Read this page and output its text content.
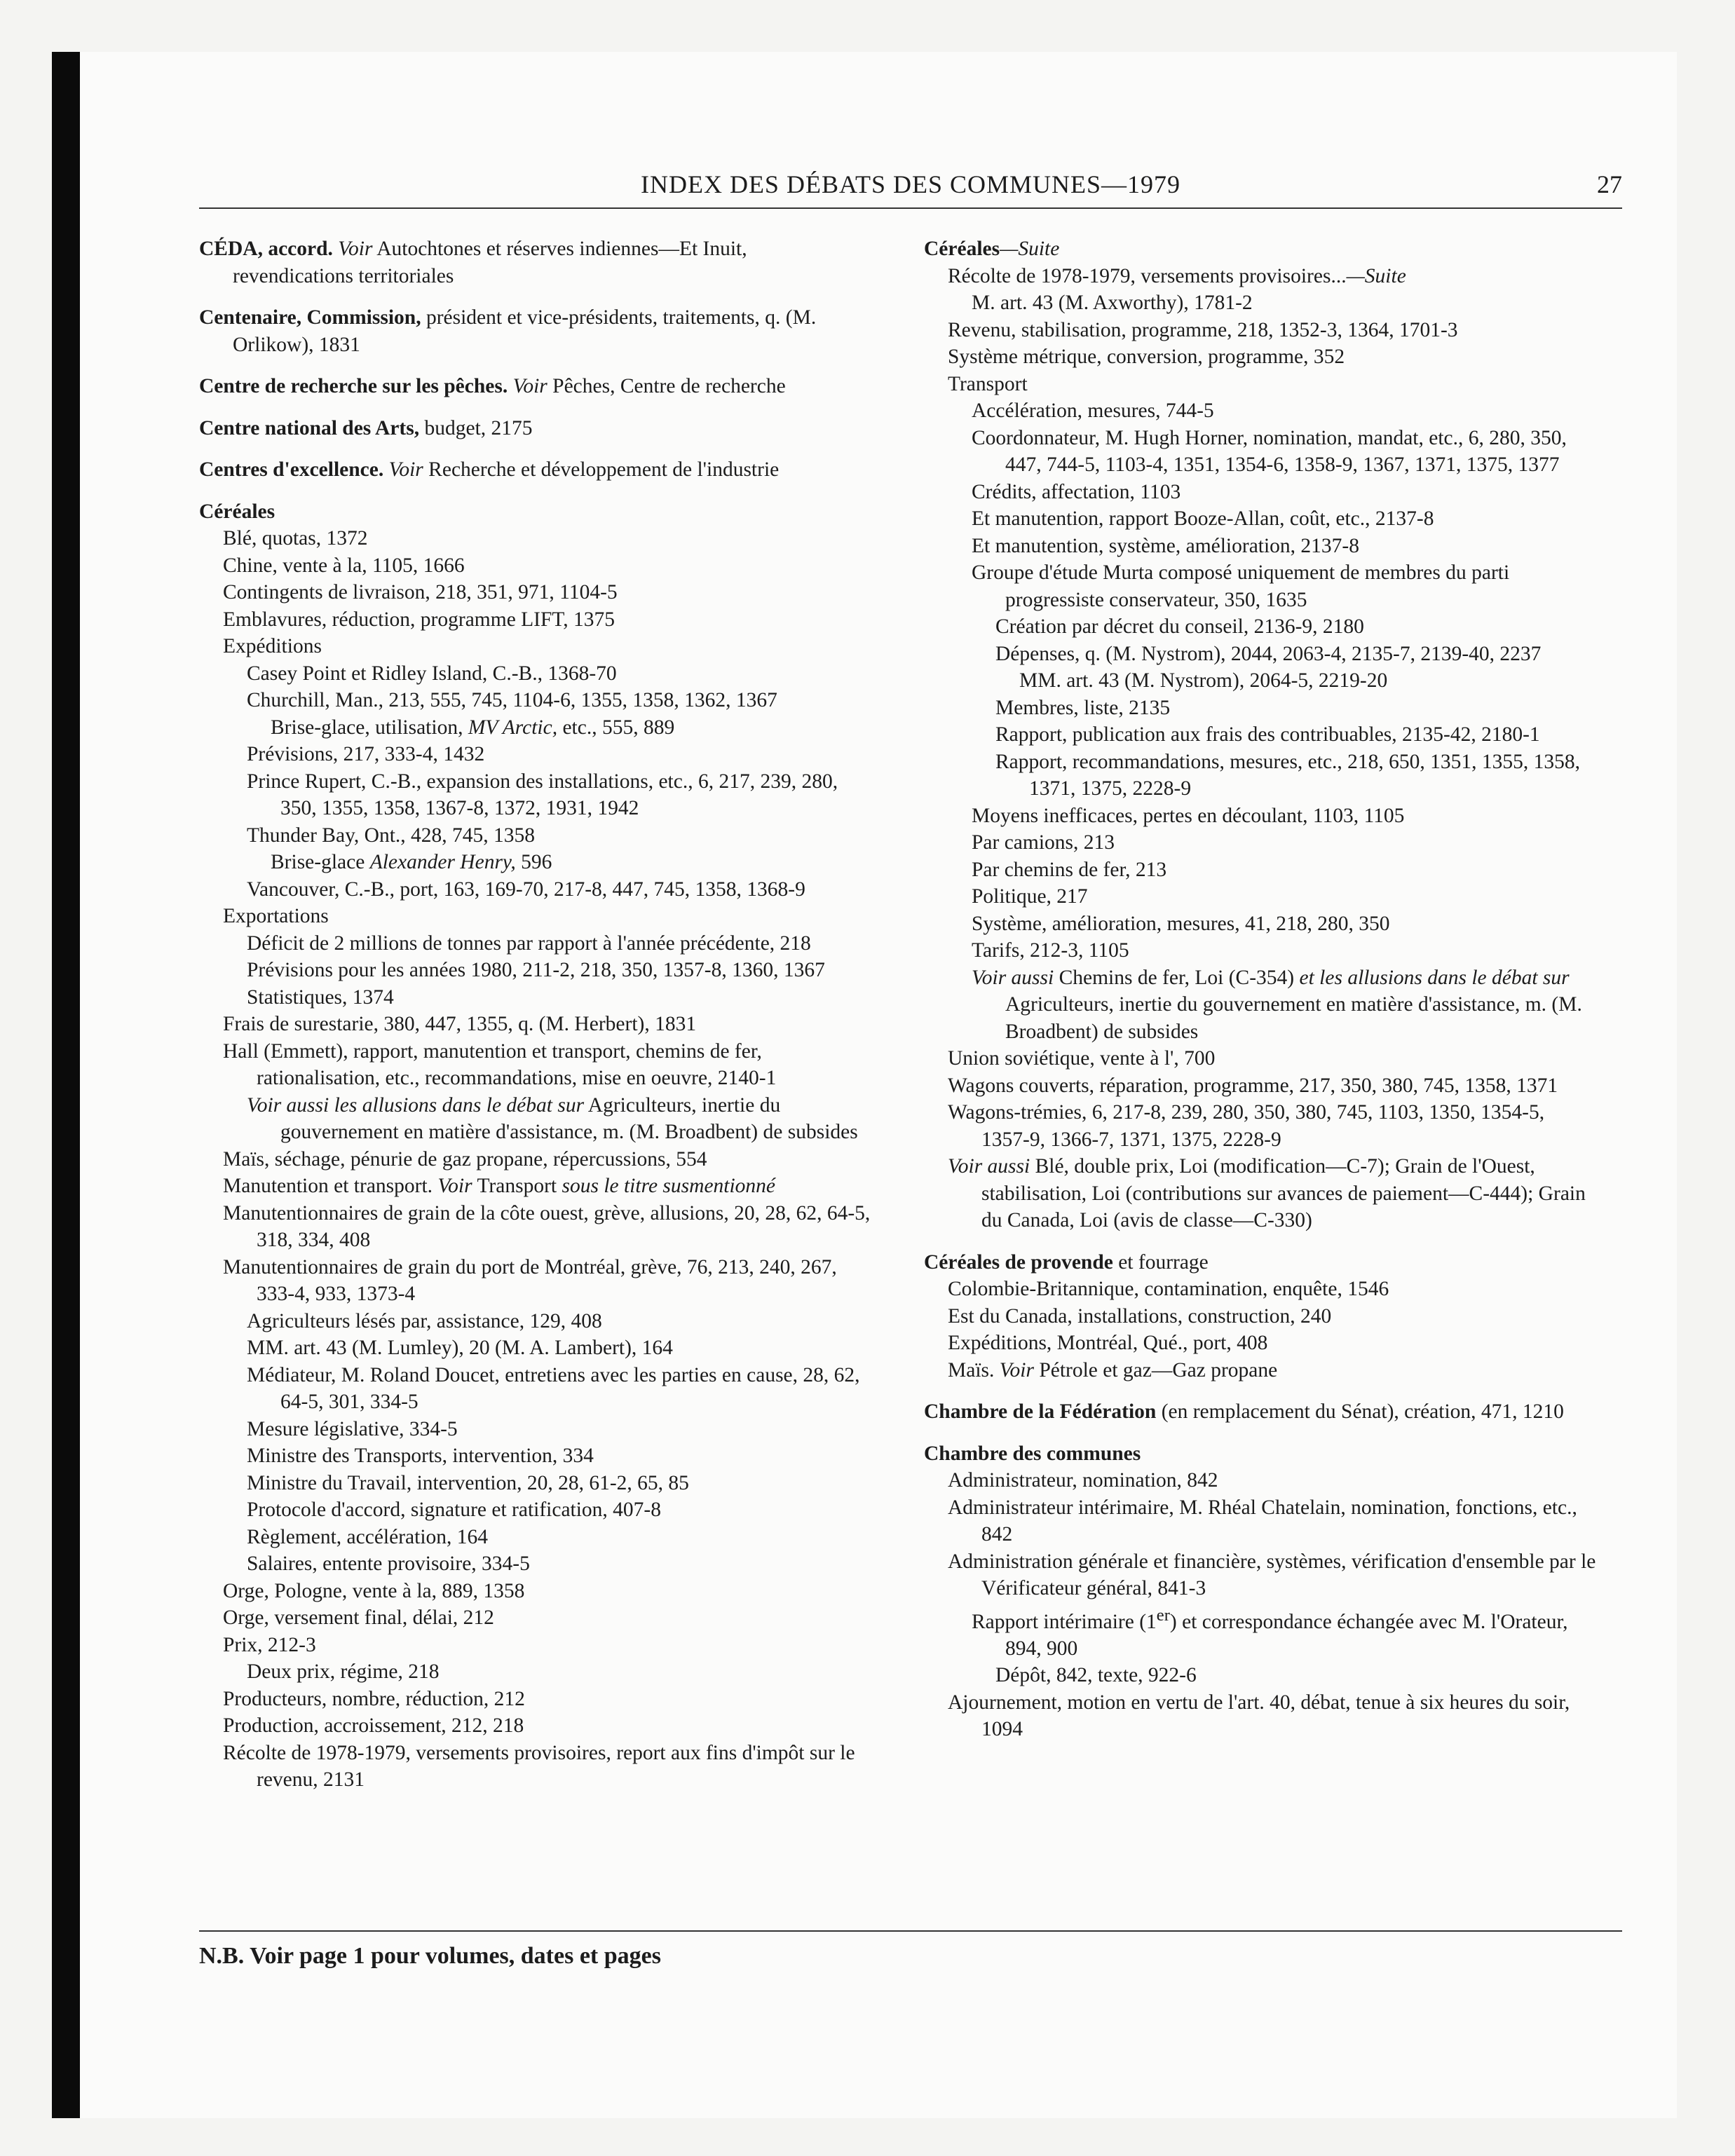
INDEX DES DÉBATS DES COMMUNES—1979	27
CÉDA, accord. Voir Autochtones et réserves indiennes—Et Inuit, revendications territoriales
Centenaire, Commission, président et vice-présidents, traitements, q. (M. Orlikow), 1831
Centre de recherche sur les pêches. Voir Pêches, Centre de recherche
Centre national des Arts, budget, 2175
Centres d'excellence. Voir Recherche et développement de l'industrie
Céréales
Blé, quotas, 1372
Chine, vente à la, 1105, 1666
Contingents de livraison, 218, 351, 971, 1104-5
Emblavures, réduction, programme LIFT, 1375
Expéditions
Casey Point et Ridley Island, C.-B., 1368-70
Churchill, Man., 213, 555, 745, 1104-6, 1355, 1358, 1362, 1367
Brise-glace, utilisation, MV Arctic, etc., 555, 889
Prévisions, 217, 333-4, 1432
Prince Rupert, C.-B., expansion des installations, etc., 6, 217, 239, 280, 350, 1355, 1358, 1367-8, 1372, 1931, 1942
Thunder Bay, Ont., 428, 745, 1358
Brise-glace Alexander Henry, 596
Vancouver, C.-B., port, 163, 169-70, 217-8, 447, 745, 1358, 1368-9
Exportations
Déficit de 2 millions de tonnes par rapport à l'année précédente, 218
Prévisions pour les années 1980, 211-2, 218, 350, 1357-8, 1360, 1367
Statistiques, 1374
Frais de surestarie, 380, 447, 1355, q. (M. Herbert), 1831
Hall (Emmett), rapport, manutention et transport, chemins de fer, rationalisation, etc., recommandations, mise en oeuvre, 2140-1
Voir aussi les allusions dans le débat sur Agriculteurs, inertie du gouvernement en matière d'assistance, m. (M. Broadbent) de subsides
Maïs, séchage, pénurie de gaz propane, répercussions, 554
Manutention et transport. Voir Transport sous le titre susmentionné
Manutentionnaires de grain de la côte ouest, grève, allusions, 20, 28, 62, 64-5, 318, 334, 408
Manutentionnaires de grain du port de Montréal, grève, 76, 213, 240, 267, 333-4, 933, 1373-4
Agriculteurs lésés par, assistance, 129, 408
MM. art. 43 (M. Lumley), 20 (M. A. Lambert), 164
Médiateur, M. Roland Doucet, entretiens avec les parties en cause, 28, 62, 64-5, 301, 334-5
Mesure législative, 334-5
Ministre des Transports, intervention, 334
Ministre du Travail, intervention, 20, 28, 61-2, 65, 85
Protocole d'accord, signature et ratification, 407-8
Règlement, accélération, 164
Salaires, entente provisoire, 334-5
Orge, Pologne, vente à la, 889, 1358
Orge, versement final, délai, 212
Prix, 212-3
Deux prix, régime, 218
Producteurs, nombre, réduction, 212
Production, accroissement, 212, 218
Récolte de 1978-1979, versements provisoires, report aux fins d'impôt sur le revenu, 2131
Céréales—Suite
Récolte de 1978-1979, versements provisoires...—Suite
M. art. 43 (M. Axworthy), 1781-2
Revenu, stabilisation, programme, 218, 1352-3, 1364, 1701-3
Système métrique, conversion, programme, 352
Transport
Accélération, mesures, 744-5
Coordonnateur, M. Hugh Horner, nomination, mandat, etc., 6, 280, 350, 447, 744-5, 1103-4, 1351, 1354-6, 1358-9, 1367, 1371, 1375, 1377
Crédits, affectation, 1103
Et manutention, rapport Booze-Allan, coût, etc., 2137-8
Et manutention, système, amélioration, 2137-8
Groupe d'étude Murta composé uniquement de membres du parti progressiste conservateur, 350, 1635
Création par décret du conseil, 2136-9, 2180
Dépenses, q. (M. Nystrom), 2044, 2063-4, 2135-7, 2139-40, 2237
MM. art. 43 (M. Nystrom), 2064-5, 2219-20
Membres, liste, 2135
Rapport, publication aux frais des contribuables, 2135-42, 2180-1
Rapport, recommandations, mesures, etc., 218, 650, 1351, 1355, 1358, 1371, 1375, 2228-9
Moyens inefficaces, pertes en découlant, 1103, 1105
Par camions, 213
Par chemins de fer, 213
Politique, 217
Système, amélioration, mesures, 41, 218, 280, 350
Tarifs, 212-3, 1105
Voir aussi Chemins de fer, Loi (C-354) et les allusions dans le débat sur Agriculteurs, inertie du gouvernement en matière d'assistance, m. (M. Broadbent) de subsides
Union soviétique, vente à l', 700
Wagons couverts, réparation, programme, 217, 350, 380, 745, 1358, 1371
Wagons-trémies, 6, 217-8, 239, 280, 350, 380, 745, 1103, 1350, 1354-5, 1357-9, 1366-7, 1371, 1375, 2228-9
Voir aussi Blé, double prix, Loi (modification—C-7); Grain de l'Ouest, stabilisation, Loi (contributions sur avances de paiement—C-444); Grain du Canada, Loi (avis de classe—C-330)
Céréales de provende et fourrage
Colombie-Britannique, contamination, enquête, 1546
Est du Canada, installations, construction, 240
Expéditions, Montréal, Qué., port, 408
Maïs. Voir Pétrole et gaz—Gaz propane
Chambre de la Fédération (en remplacement du Sénat), création, 471, 1210
Chambre des communes
Administrateur, nomination, 842
Administrateur intérimaire, M. Rhéal Chatelain, nomination, fonctions, etc., 842
Administration générale et financière, systèmes, vérification d'ensemble par le Vérificateur général, 841-3
Rapport intérimaire (1er) et correspondance échangée avec M. l'Orateur, 894, 900
Dépôt, 842, texte, 922-6
Ajournement, motion en vertu de l'art. 40, débat, tenue à six heures du soir, 1094
N.B. Voir page 1 pour volumes, dates et pages
